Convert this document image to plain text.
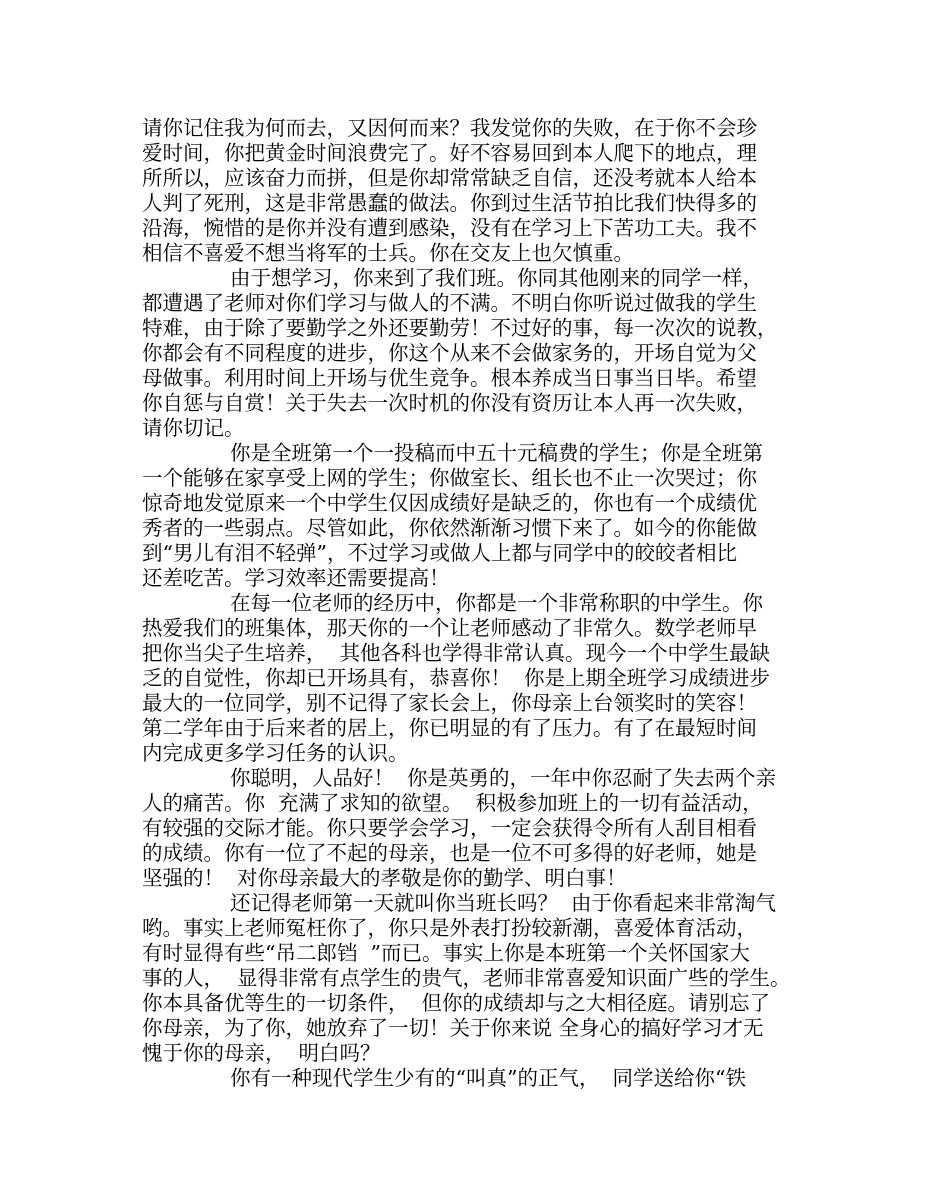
请你记住我为何而去，又因何而来？我发觉你的失败，在于你不会珍
爱时间，你把黄金时间浪费完了。好不容易回到本人爬下的地点，理
所所以，应该奋力而拼，但是你却常常缺乏自信，还没考就本人给本
人判了死刑，这是非常愚蠢的做法。你到过生活节拍比我们快得多的
沿海，惋惜的是你并没有遭到感染，没有在学习上下苦功工夫。我不
相信不喜爱不想当将军的士兵。你在交友上也欠慎重。
由于想学习，你来到了我们班。你同其他刚来的同学一样，
都遭遇了老师对你们学习与做人的不满。不明白你听说过做我的学生
特难，由于除了要勤学之外还要勤劳！不过好的事，每一次次的说教，
你都会有不同程度的进步，你这个从来不会做家务的，开场自觉为父
母做事。利用时间上开场与优生竞争。根本养成当日事当日毕。希望
你自惩与自赏！关于失去一次时机的你没有资历让本人再一次失败，
请你切记。
你是全班第一个一投稿而中五十元稿费的学生；你是全班第
一个能够在家享受上网的学生；你做室长、组长也不止一次哭过；你
惊奇地发觉原来一个中学生仅因成绩好是缺乏的，你也有一个成绩优
秀者的一些弱点。尽管如此，你依然渐渐习惯下来了。如今的你能做
到“男儿有泪不轻弹”，不过学习或做人上都与同学中的皎皎者相比
还差吃苦。学习效率还需要提高！
在每一位老师的经历中，你都是一个非常称职的中学生。你
热爱我们的班集体，那天你的一个让老师感动了非常久。数学老师早
把你当尖子生培养，  其他各科也学得非常认真。现今一个中学生最缺
乏的自觉性，你却已开场具有，恭喜你！  你是上期全班学习成绩进步
最大的一位同学，别不记得了家长会上，你母亲上台领奖时的笑容！
第二学年由于后来者的居上，你已明显的有了压力。有了在最短时间
内完成更多学习任务的认识。
你聪明，人品好！  你是英勇的，一年中你忍耐了失去两个亲
人的痛苦。你  充满了求知的欲望。  积极参加班上的一切有益活动，
有较强的交际才能。你只要学会学习，一定会获得令所有人刮目相看
的成绩。你有一位了不起的母亲，也是一位不可多得的好老师，她是
坚强的！  对你母亲最大的孝敬是你的勤学、明白事！
还记得老师第一天就叫你当班长吗？  由于你看起来非常淘气
哟。事实上老师冤枉你了，你只是外表打扮较新潮，喜爱体育活动，
有时显得有些“吊二郎铛  ”而已。事实上你是本班第一个关怀国家大
事的人，  显得非常有点学生的贵气，老师非常喜爱知识面广些的学生。
你本具备优等生的一切条件，  但你的成绩却与之大相径庭。请别忘了
你母亲，为了你，她放弃了一切！关于你来说 全身心的搞好学习才无
愧于你的母亲，  明白吗？
你有一种现代学生少有的“叫真”的正气，  同学送给你“铁
